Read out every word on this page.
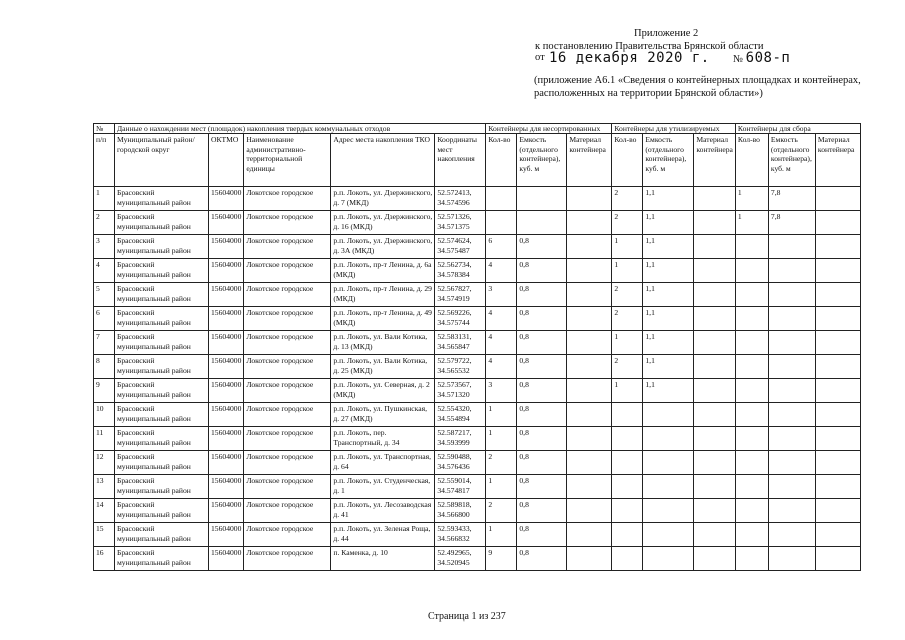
Приложение 2
к постановлению Правительства Брянской области
от 16 декабря 2020 г. № 608-п
(приложение А6.1 «Сведения о контейнерных площадках и контейнерах, расположенных на территории Брянской области»)
№	Данные о нахождении мест (площадок) накопления твердых коммунальных отходов					Контейнеры для несортированных			Контейнеры для утилизируемых			Контейнеры для сбора		
п/п	Муниципальный район/городской округ	ОКТМО	Наименование административно-территориальной единицы	Адрес места накопления ТКО	Координаты мест накопления	Кол-во	Емкость (отдельного контейнера), куб. м	Материал контейнера	Кол-во	Емкость (отдельного контейнера), куб. м	Материал контейнера	Кол-во	Емкость (отдельного контейнера), куб. м	Материал контейнера
1	Брасовский муниципальный район	15604000	Локотское городское	р.п. Локоть, ул. Дзержинского, д. 7 (МКД)	52.572413, 34.574596				2	1,1		1	7,8	
2	Брасовский муниципальный район	15604000	Локотское городское	р.п. Локоть, ул. Дзержинского, д. 16 (МКД)	52.571326, 34.571375				2	1,1		1	7,8	
3	Брасовский муниципальный район	15604000	Локотское городское	р.п. Локоть, ул. Дзержинского, д. 3А (МКД)	52.574624, 34.575487	6	0,8		1	1,1				
4	Брасовский муниципальный район	15604000	Локотское городское	р.п. Локоть, пр-т Ленина, д. 6а (МКД)	52.562734, 34.578384	4	0,8		1	1,1				
5	Брасовский муниципальный район	15604000	Локотское городское	р.п. Локоть, пр-т Ленина, д. 29 (МКД)	52.567827, 34.574919	3	0,8		2	1,1				
6	Брасовский муниципальный район	15604000	Локотское городское	р.п. Локоть, пр-т Ленина, д. 49 (МКД)	52.569226, 34.575744	4	0,8		2	1,1				
7	Брасовский муниципальный район	15604000	Локотское городское	р.п. Локоть, ул. Вали Котика, д. 13 (МКД)	52.583131, 34.565847	4	0,8		1	1,1				
8	Брасовский муниципальный район	15604000	Локотское городское	р.п. Локоть, ул. Вали Котика, д. 25 (МКД)	52.579722, 34.565532	4	0,8		2	1,1				
9	Брасовский муниципальный район	15604000	Локотское городское	р.п. Локоть, ул. Северная, д. 2 (МКД)	52.573567, 34.571320	3	0,8		1	1,1				
10	Брасовский муниципальный район	15604000	Локотское городское	р.п. Локоть, ул. Пушкинская, д. 27 (МКД)	52.554320, 34.554894	1	0,8							
11	Брасовский муниципальный район	15604000	Локотское городское	р.п. Локоть, пер. Транспортный, д. 34	52.587217, 34.593999	1	0,8							
12	Брасовский муниципальный район	15604000	Локотское городское	р.п. Локоть, ул. Транспортная, д. 64	52.590488, 34.576436	2	0,8							
13	Брасовский муниципальный район	15604000	Локотское городское	р.п. Локоть, ул. Студенческая, д. 1	52.559014, 34.574817	1	0,8							
14	Брасовский муниципальный район	15604000	Локотское городское	р.п. Локоть, ул. Лесозаводская д. 41	52.589818, 34.566800	2	0,8							
15	Брасовский муниципальный район	15604000	Локотское городское	р.п. Локоть, ул. Зеленая Роща, д. 44	52.593433, 34.566832	1	0,8							
16	Брасовский муниципальный район	15604000	Локотское городское	п. Каменка, д. 10	52.492965, 34.520945	9	0,8							
Страница 1 из 237
